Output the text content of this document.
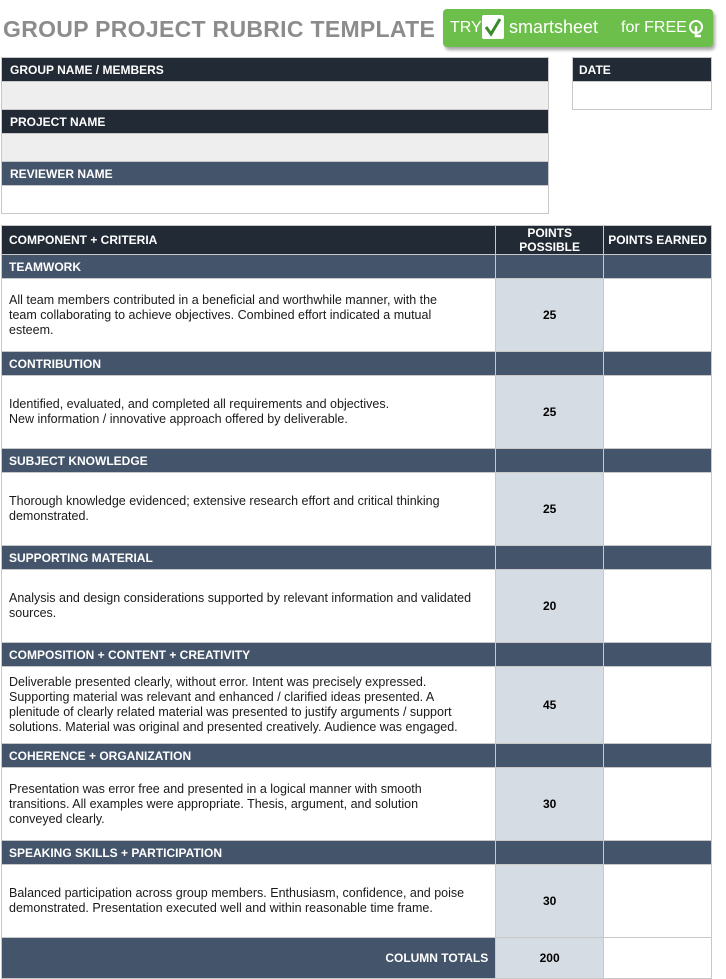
GROUP PROJECT RUBRIC TEMPLATE TRY smartsheet for FREE
GROUP NAME / MEMBERS

PROJECT NAME

REVIEWER NAME

DATE

COMPONENT + CRITERIA	POINTS POSSIBLE	POINTS EARNED
TEAMWORK		

All team members contributed in a beneficial and worthwhile manner, with the
team collaborating to achieve objectives. Combined effort indicated a mutual
esteem.	25	
CONTRIBUTION		

Identified, evaluated, and completed all requirements and objectives.
New information / innovative approach offered by deliverable.	25	
SUBJECT KNOWLEDGE		

Thorough knowledge evidenced; extensive research effort and critical thinking
demonstrated.	25	
SUPPORTING MATERIAL		

Analysis and design considerations supported by relevant information and validated
sources.	20	
COMPOSITION + CONTENT + CREATIVITY		

Deliverable presented clearly, without error. Intent was precisely expressed.
Supporting material was relevant and enhanced / clarified ideas presented. A
plenitude of clearly related material was presented to justify arguments / support
solutions. Material was original and presented creatively. Audience was engaged.	45	
COHERENCE + ORGANIZATION		

Presentation was error free and presented in a logical manner with smooth
transitions. All examples were appropriate. Thesis, argument, and solution
conveyed clearly.	30	
SPEAKING SKILLS + PARTICIPATION		

Balanced participation across group members. Enthusiasm, confidence, and poise
demonstrated. Presentation executed well and within reasonable time frame.	30	
COLUMN TOTALS	200	
